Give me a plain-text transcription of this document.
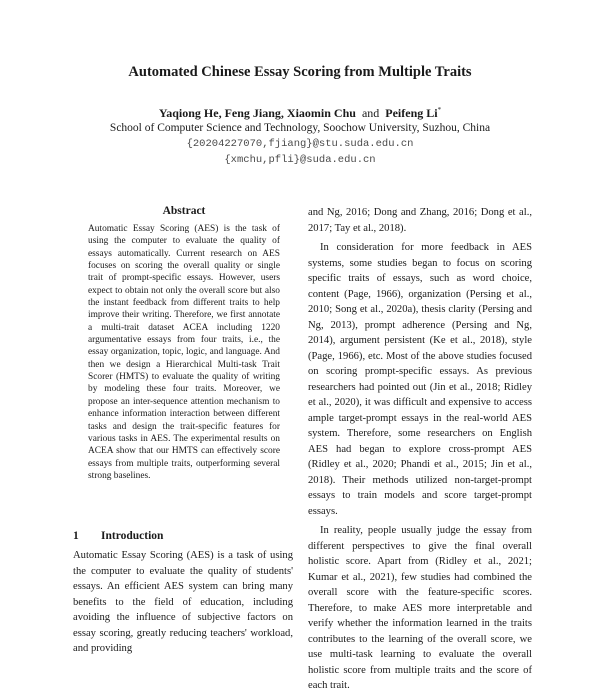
Automated Chinese Essay Scoring from Multiple Traits
Yaqiong He, Feng Jiang, Xiaomin Chu and Peifeng Li*
School of Computer Science and Technology, Soochow University, Suzhou, China
{20204227070,fjiang}@stu.suda.edu.cn
{xmchu,pfli}@suda.edu.cn
Abstract
Automatic Essay Scoring (AES) is the task of using the computer to evaluate the quality of essays automatically. Current research on AES focuses on scoring the overall quality or single trait of prompt-specific essays. However, users expect to obtain not only the overall score but also the instant feedback from different traits to help improve their writing. Therefore, we first annotate a multi-trait dataset ACEA including 1220 argumentative essays from four traits, i.e., the essay organization, topic, logic, and language. And then we design a Hierarchical Multi-task Trait Scorer (HMTS) to evaluate the quality of writing by modeling these four traits. Moreover, we propose an inter-sequence attention mechanism to enhance information interaction between different tasks and design the trait-specific features for various tasks in AES. The experimental results on ACEA show that our HMTS can effectively score essays from multiple traits, outperforming several strong baselines.
1 Introduction

Automatic Essay Scoring (AES) is a task of using the computer to evaluate the quality of students' essays. An efficient AES system can bring many benefits to the field of education, including avoiding the influence of subjective factors on essay scoring, greatly reducing teachers' workload, and providing

and Ng, 2016; Dong and Zhang, 2016; Dong et al., 2017; Tay et al., 2018).

In consideration for more feedback in AES systems, some studies began to focus on scoring specific traits of essays, such as word choice, content (Page, 1966), organization (Persing et al., 2010; Song et al., 2020a), thesis clarity (Persing and Ng, 2013), prompt adherence (Persing and Ng, 2014), argument persistent (Ke et al., 2018), style (Page, 1966), etc. Most of the above studies focused on scoring prompt-specific essays. As previous researchers had pointed out (Jin et al., 2018; Ridley et al., 2020), it was difficult and expensive to access ample target-prompt essays in the real-world AES system. Therefore, some researchers on English AES had began to explore cross-prompt AES (Ridley et al., 2020; Phandi et al., 2015; Jin et al., 2018). Their methods utilized non-target-prompt essays to train models and score target-prompt essays.

In reality, people usually judge the essay from different perspectives to give the final overall holistic score. Apart from (Ridley et al., 2021; Kumar et al., 2021), few studies had combined the overall score with the feature-specific scores. Therefore, to make AES more interpretable and verify whether the information learned in the traits contributes to the learning of the overall score, we use multi-task learning to evaluate the overall holistic score from multiple traits and the score of each trait.
